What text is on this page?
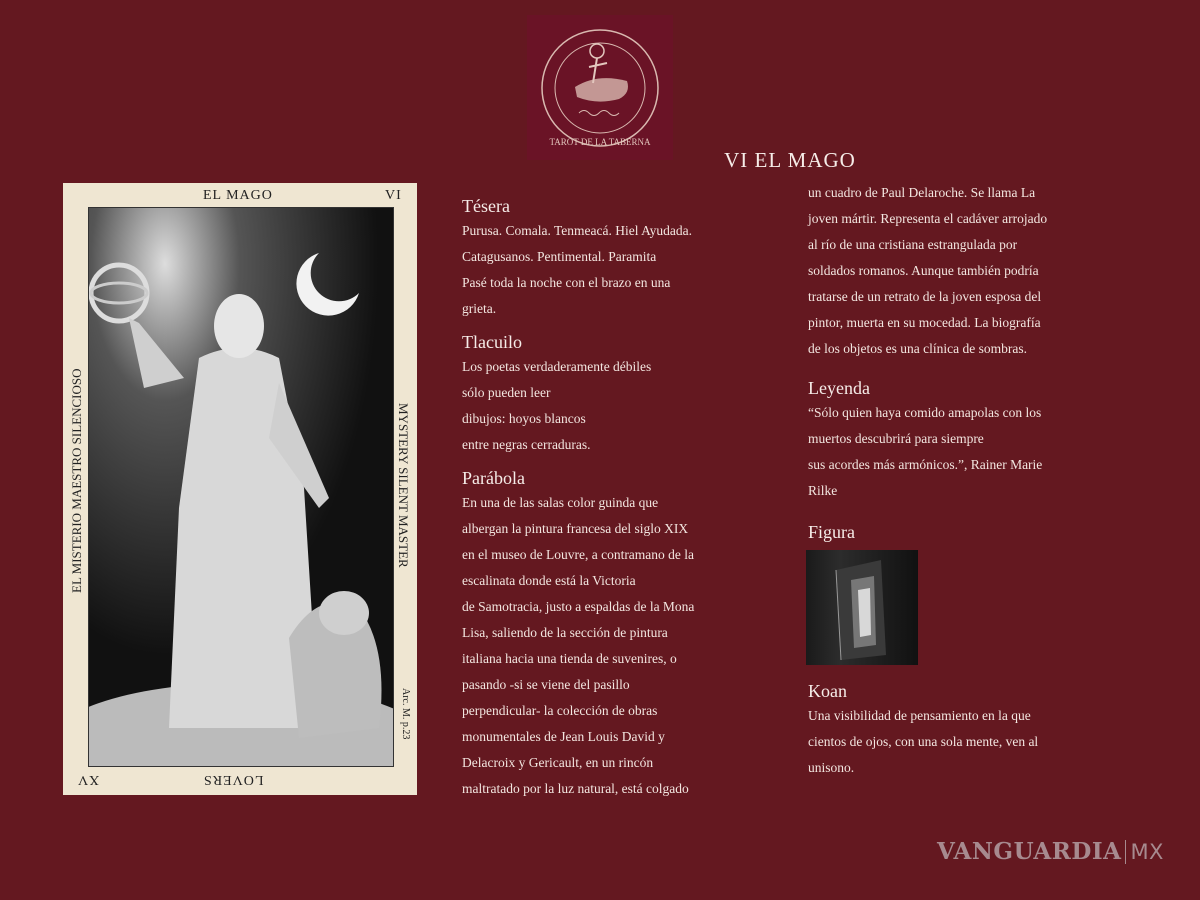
TAROT DE LA TABERNA
VI EL MAGO
EL MAGO	VI
EL MISTERIO MAESTRO SILENCIOSO	MYSTERY SILENT MASTER
Arc. M. p.23
LOVERS
XV
Tésera
Purusa. Comala. Tenmeacá. Hiel Ayudada.
Catagusanos. Pentimental. Paramita
Pasé toda la noche con el brazo en una
grieta.
Tlacuilo
Los poetas verdaderamente débiles
sólo pueden leer
dibujos: hoyos blancos
entre negras cerraduras.
Parábola
En una de las salas color guinda que
albergan la pintura francesa del siglo XIX
en el museo de Louvre, a contramano de la
escalinata donde está la Victoria
de Samotracia, justo a espaldas de la Mona
Lisa, saliendo de la sección de pintura
italiana hacia una tienda de suvenires, o
pasando -si se viene del pasillo
perpendicular- la colección de obras
monumentales de Jean Louis David y
Delacroix y Gericault, en un rincón
maltratado por la luz natural, está colgado
un cuadro de Paul Delaroche. Se llama La
joven mártir. Representa el cadáver arrojado
al río de una cristiana estrangulada por
soldados romanos. Aunque también podría
tratarse de un retrato de la joven esposa del
pintor, muerta en su mocedad. La biografía
de los objetos es una clínica de sombras.
Leyenda
“Sólo quien haya comido amapolas con los
muertos descubrirá para siempre
sus acordes más armónicos.”, Rainer Marie
Rilke
Figura
Koan
Una visibilidad de pensamiento en la que
cientos de ojos, con una sola mente, ven al
unisono.
VANGUARDIA MX
